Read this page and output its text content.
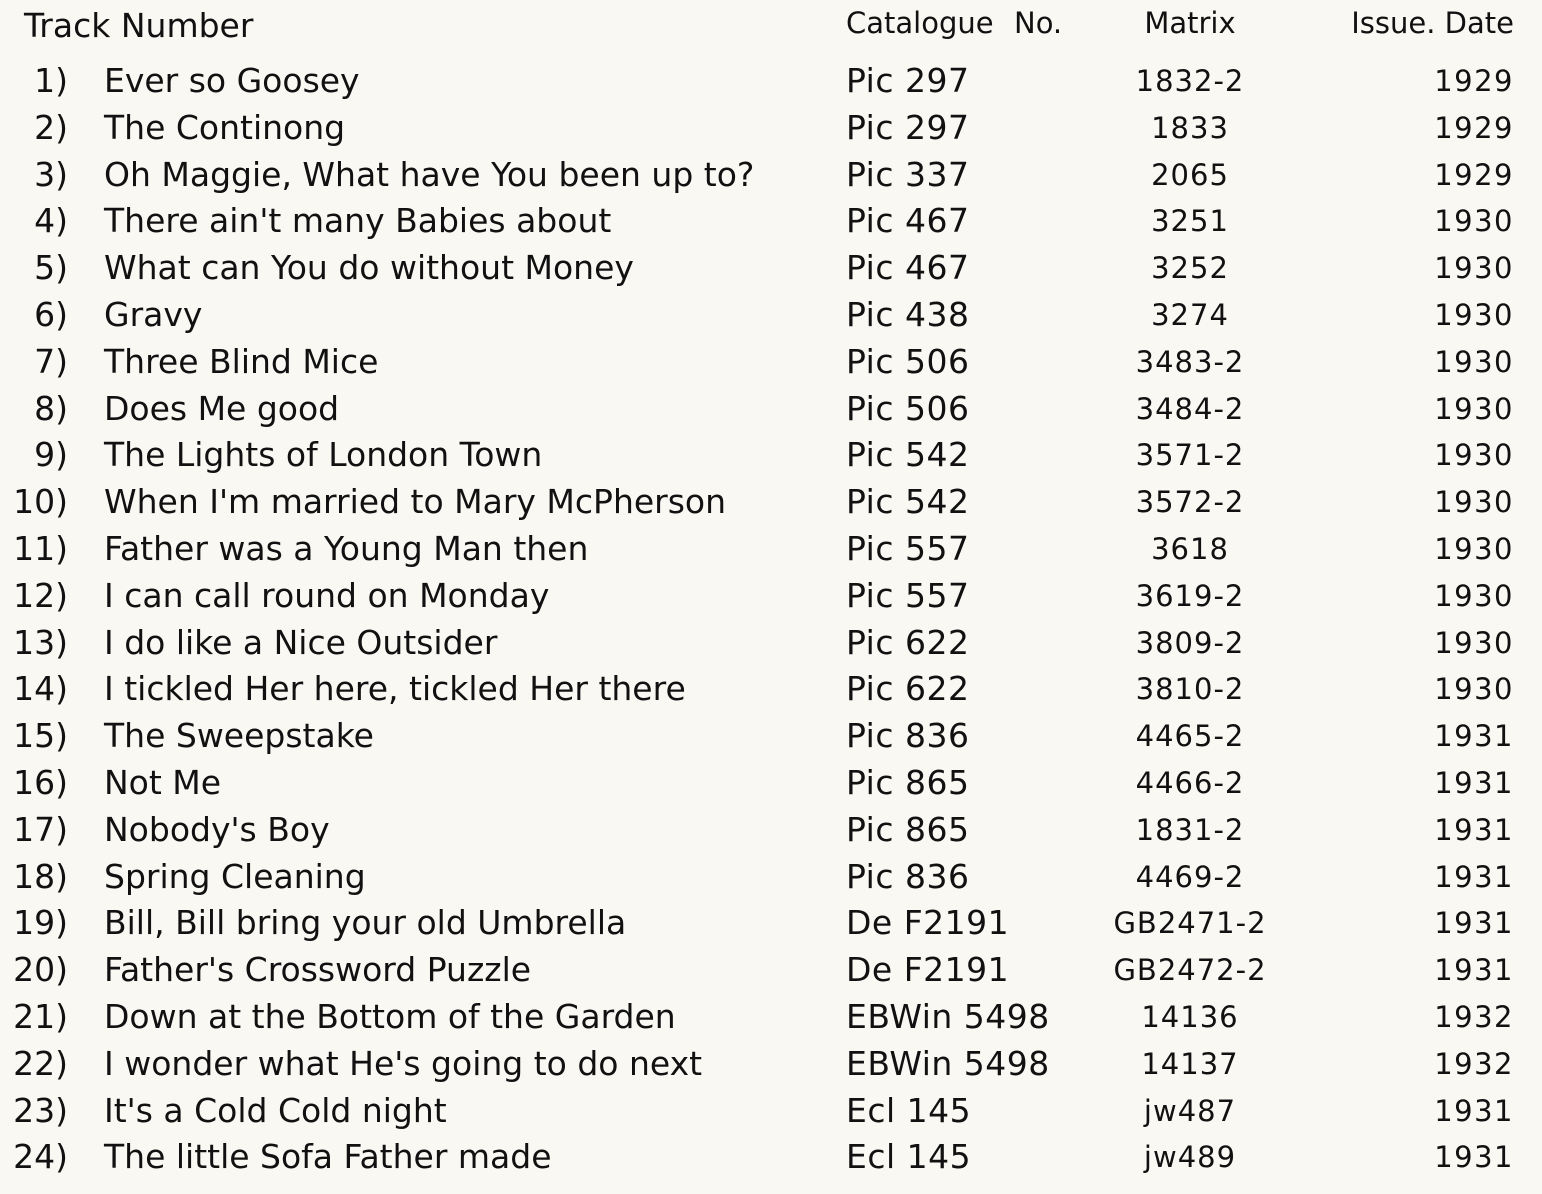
Track Number	Catalogue No.	Matrix	Issue. Date
1) Ever so Goosey	Pic 297	1832-2	1929
2) The Continong	Pic 297	1833	1929
3) Oh Maggie, What have You been up to?	Pic 337	2065	1929
4) There ain't many Babies about	Pic 467	3251	1930
5) What can You do without Money	Pic 467	3252	1930
6) Gravy	Pic 438	3274	1930
7) Three Blind Mice	Pic 506	3483-2	1930
8) Does Me good	Pic 506	3484-2	1930
9) The Lights of London Town	Pic 542	3571-2	1930
10) When I'm married to Mary McPherson	Pic 542	3572-2	1930
11) Father was a Young Man then	Pic 557	3618	1930
12) I can call round on Monday	Pic 557	3619-2	1930
13) I do like a Nice Outsider	Pic 622	3809-2	1930
14) I tickled Her here, tickled Her there	Pic 622	3810-2	1930
15) The Sweepstake	Pic 836	4465-2	1931
16) Not Me	Pic 865	4466-2	1931
17) Nobody's Boy	Pic 865	1831-2	1931
18) Spring Cleaning	Pic 836	4469-2	1931
19) Bill, Bill bring your old Umbrella	De F2191	GB2471-2	1931
20) Father's Crossword Puzzle	De F2191	GB2472-2	1931
21) Down at the Bottom of the Garden	EBWin 5498	14136	1932
22) I wonder what He's going to do next	EBWin 5498	14137	1932
23) It's a Cold Cold night	Ecl 145	jw487	1931
24) The little Sofa Father made	Ecl 145	jw489	1931
